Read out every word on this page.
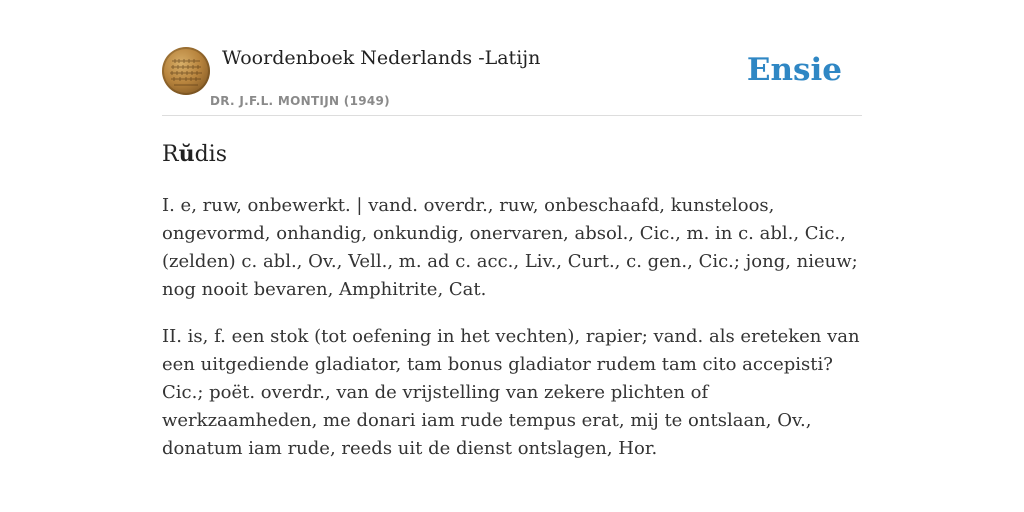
Woordenboek Nederlands -Latijn
DR. J.F.L. MONTIJN (1949)
Ensie
Rŭdis

I. e, ruw, onbewerkt. | vand. overdr., ruw, onbeschaafd, kunsteloos, ongevormd, onhandig, onkundig, onervaren, absol., Cic., m. in c. abl., Cic., (zelden) c. abl., Ov., Vell., m. ad c. acc., Liv., Curt., c. gen., Cic.; jong, nieuw; nog nooit bevaren, Amphitrite, Cat.

II. is, f. een stok (tot oefening in het vechten), rapier; vand. als ereteken van een uitgediende gladiator, tam bonus gladiator rudem tam cito accepisti? Cic.; poët. overdr., van de vrijstelling van zekere plichten of werkzaamheden, me donari iam rude tempus erat, mij te ontslaan, Ov., donatum iam rude, reeds uit de dienst ontslagen, Hor.
